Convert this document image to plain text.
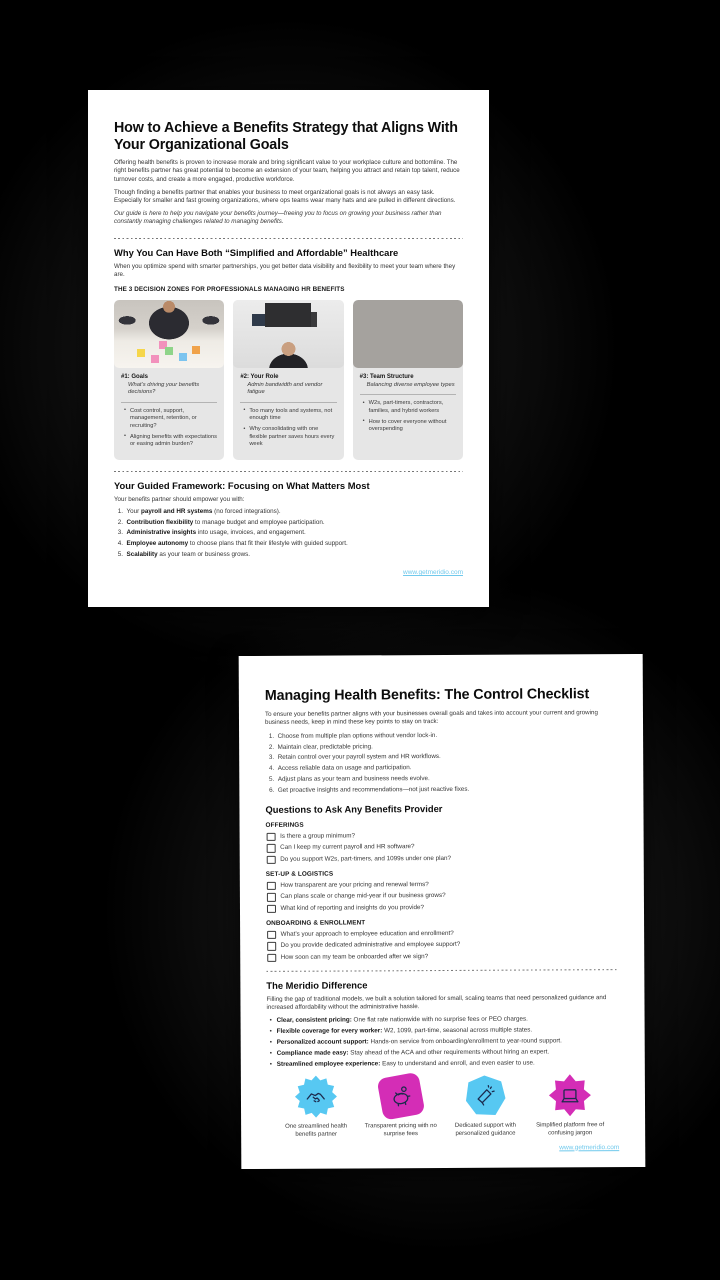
How to Achieve a Benefits Strategy that Aligns With Your Organizational Goals

Offering health benefits is proven to increase morale and bring significant value to your workplace culture and bottomline. The right benefits partner has great potential to become an extension of your team, helping you attract and retain top talent, reduce turnover costs, and create a more engaged, productive workforce.

Though finding a benefits partner that enables your business to meet organizational goals is not always an easy task. Especially for smaller and fast growing organizations, where ops teams wear many hats and are pulled in different directions.

Our guide is here to help you navigate your benefits journey—freeing you to focus on growing your business rather than constantly managing challenges related to managing benefits.

Why You Can Have Both “Simplified and Affordable” Healthcare

When you optimize spend with smarter partnerships, you get better data visibility and flexibility to meet your team where they are.

THE 3 DECISION ZONES FOR PROFESSIONALS MANAGING HR BENEFITS

#1: Goals
What’s driving your benefits decisions?
• Cost control, support, management, retention, or recruiting?
• Aligning benefits with expectations or easing admin burden?
#2: Your Role
Admin bandwidth and vendor fatigue
• Too many tools and systems, not enough time
• Why consolidating with one flexible partner saves hours every week
#3: Team Structure
Balancing diverse employee types
• W2s, part-timers, contractors, families, and hybrid workers
• How to cover everyone without overspending
Your Guided Framework: Focusing on What Matters Most

Your benefits partner should empower you with:

1. Your payroll and HR systems (no forced integrations).
2. Contribution flexibility to manage budget and employee participation.
3. Administrative insights into usage, invoices, and engagement.
4. Employee autonomy to choose plans that fit their lifestyle with guided support.
5. Scalability as your team or business grows.
www.getmeridio.com
Managing Health Benefits: The Control Checklist

To ensure your benefits partner aligns with your businesses overall goals and takes into account your current and growing business needs, keep in mind these key points to stay on track:

1. Choose from multiple plan options without vendor lock-in.
2. Maintain clear, predictable pricing.
3. Retain control over your payroll system and HR workflows.
4. Access reliable data on usage and participation.
5. Adjust plans as your team and business needs evolve.
6. Get proactive insights and recommendations—not just reactive fixes.
Questions to Ask Any Benefits Provider
OFFERINGS
Is there a group minimum?
Can I keep my current payroll and HR software?
Do you support W2s, part-timers, and 1099s under one plan?
SET-UP & LOGISTICS
How transparent are your pricing and renewal terms?
Can plans scale or change mid-year if our business grows?
What kind of reporting and insights do you provide?
ONBOARDING & ENROLLMENT
What’s your approach to employee education and enrollment?
Do you provide dedicated administrative and employee support?
How soon can my team be onboarded after we sign?
The Meridio Difference

Filling the gap of traditional models, we built a solution tailored for small, scaling teams that need personalized guidance and increased affordability without the administrative hassle.

• Clear, consistent pricing: One flat rate nationwide with no surprise fees or PEO charges.
• Flexible coverage for every worker: W2, 1099, part-time, seasonal across multiple states.
• Personalized account support: Hands-on service from onboarding/enrollment to year-round support.
• Compliance made easy: Stay ahead of the ACA and other requirements without hiring an expert.
• Streamlined employee experience: Easy to understand and enroll, and even easier to use.
One streamlined health benefits partner
Transparent pricing with no surprise fees
Dedicated support with personalized guidance
Simplified platform free of confusing jargon
www.getmeridio.com
